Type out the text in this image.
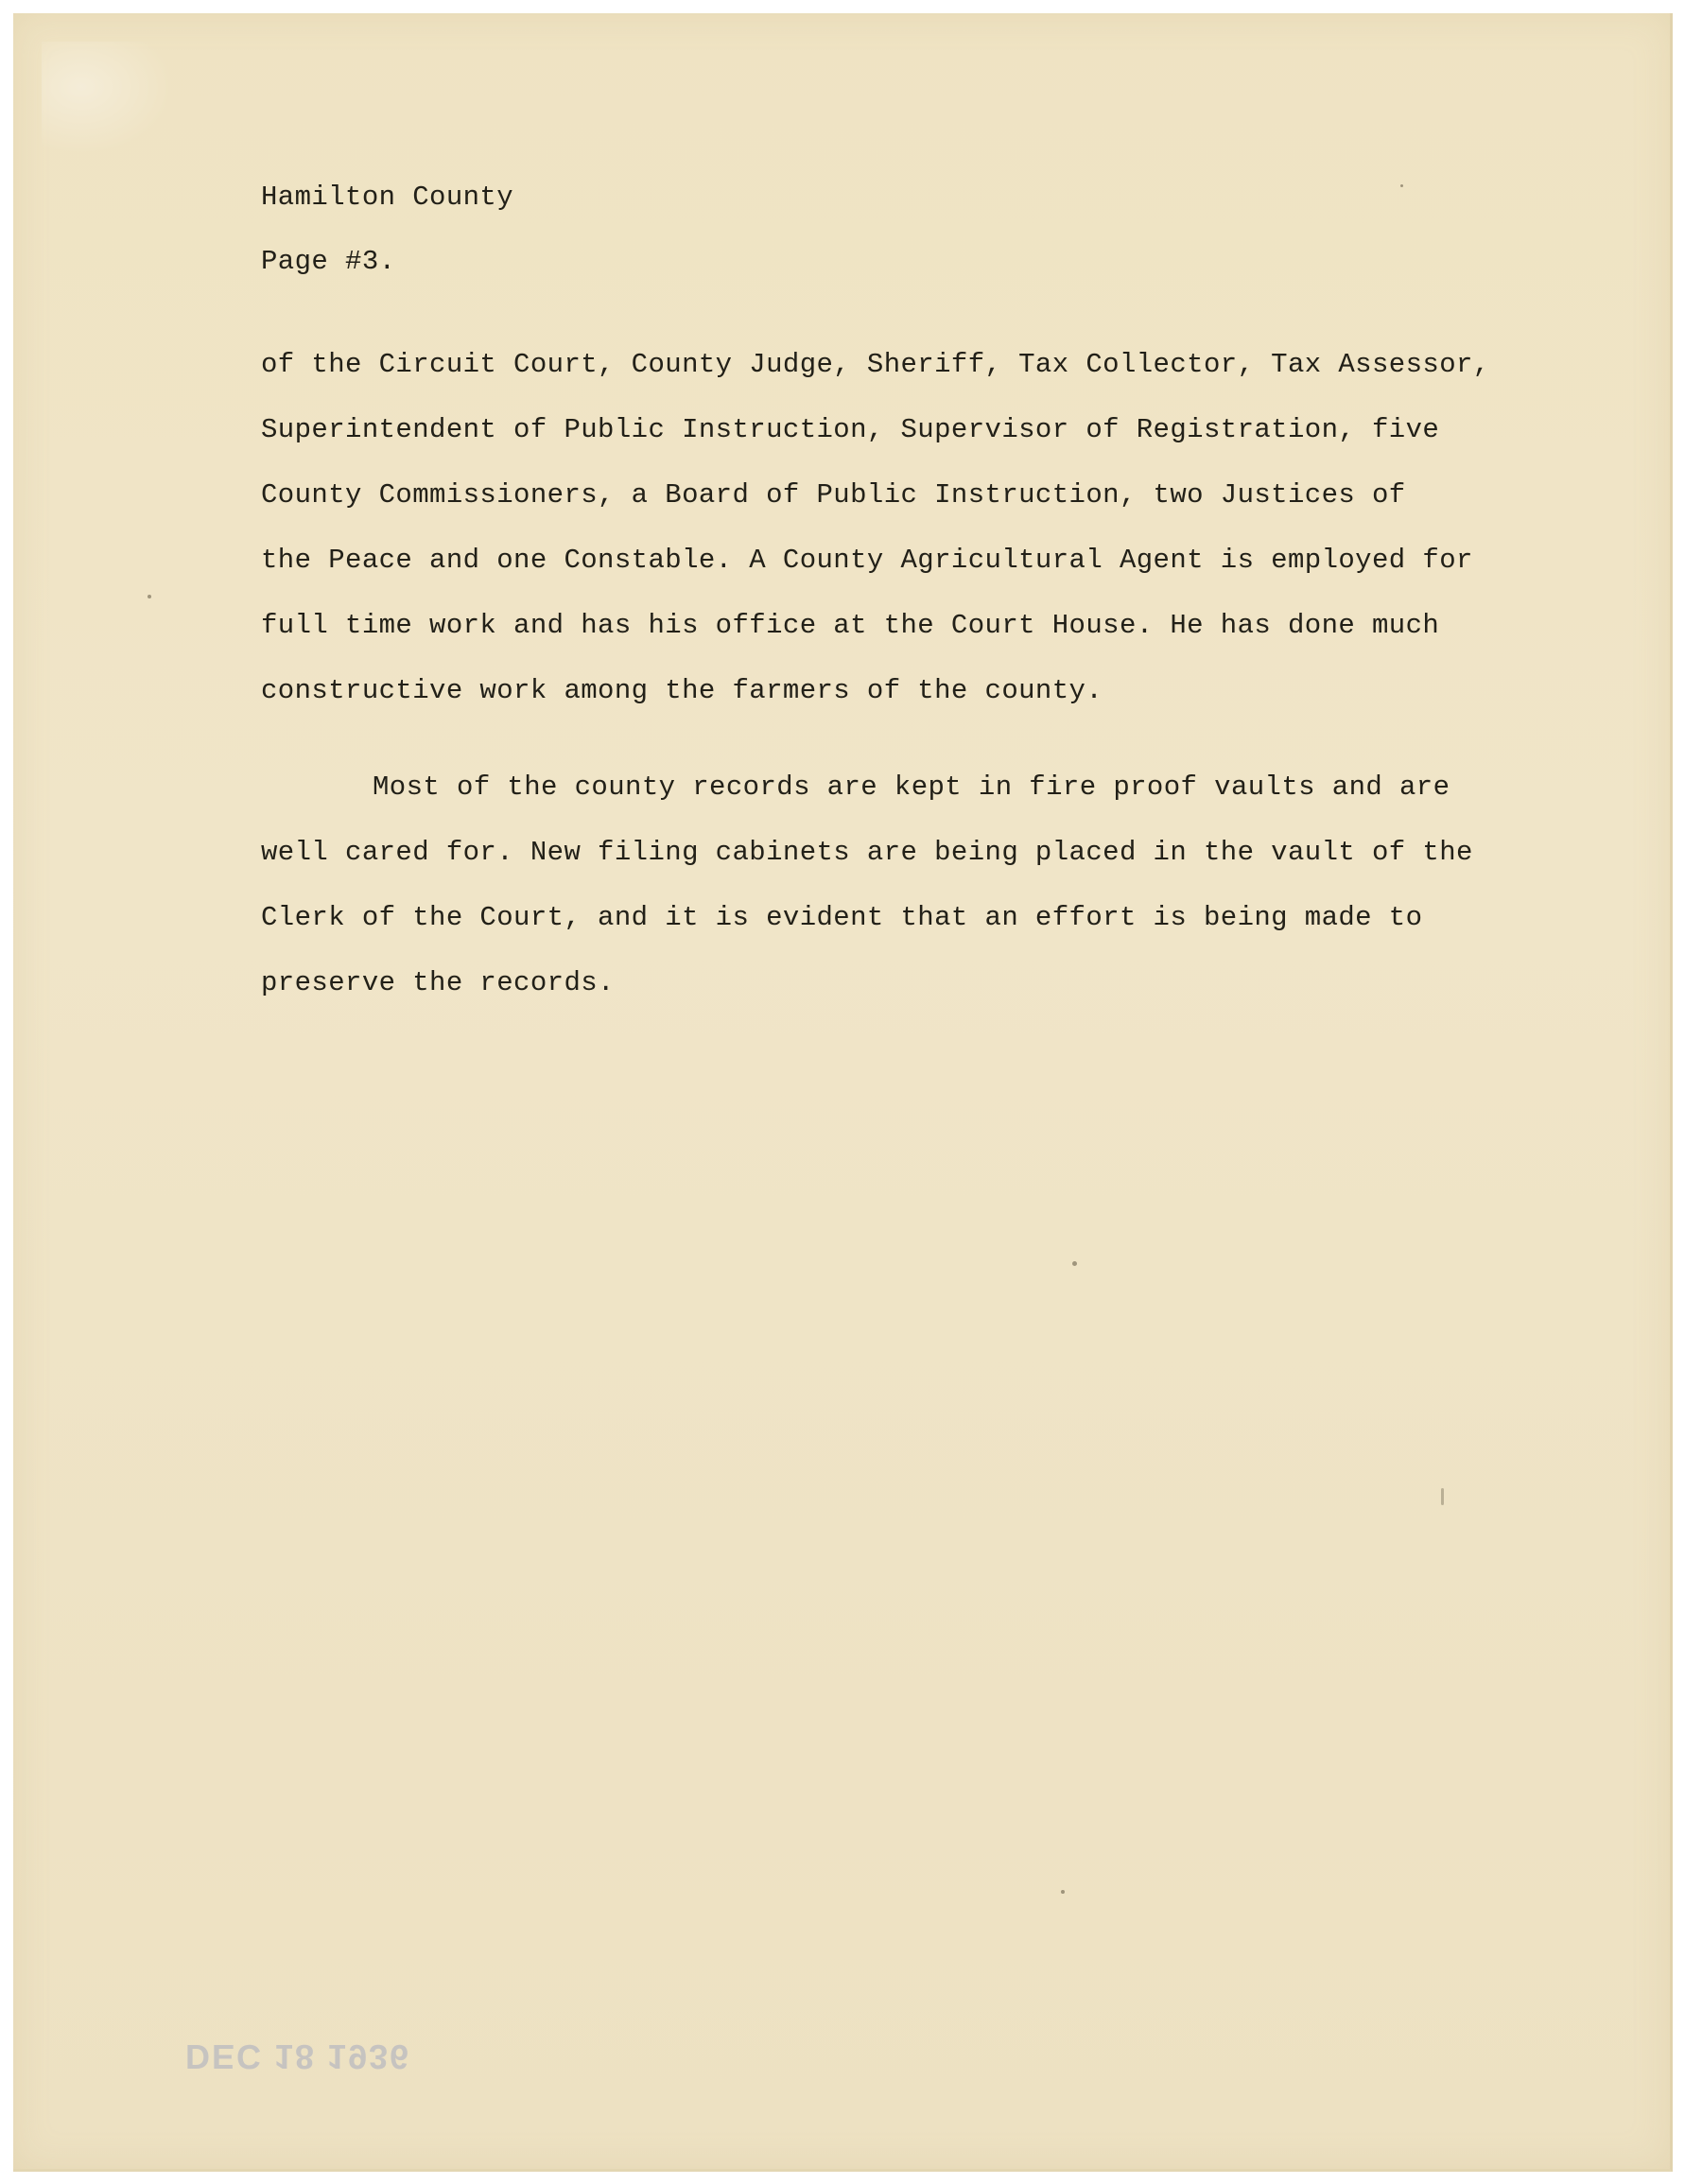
Hamilton County

Page #3.

of the Circuit Court, County Judge, Sheriff, Tax Collector, Tax Assessor,

Superintendent of Public Instruction, Supervisor of Registration, five

County Commissioners, a Board of Public Instruction, two Justices of

the Peace and one Constable. A County Agricultural Agent is employed for

full time work and has his office at the Court House. He has done much

constructive work among the farmers of the county.

Most of the county records are kept in fire proof vaults and are

well cared for. New filing cabinets are being placed in the vault of the

Clerk of the Court, and it is evident that an effort is being made to

preserve the records.

DEC 18 1936
